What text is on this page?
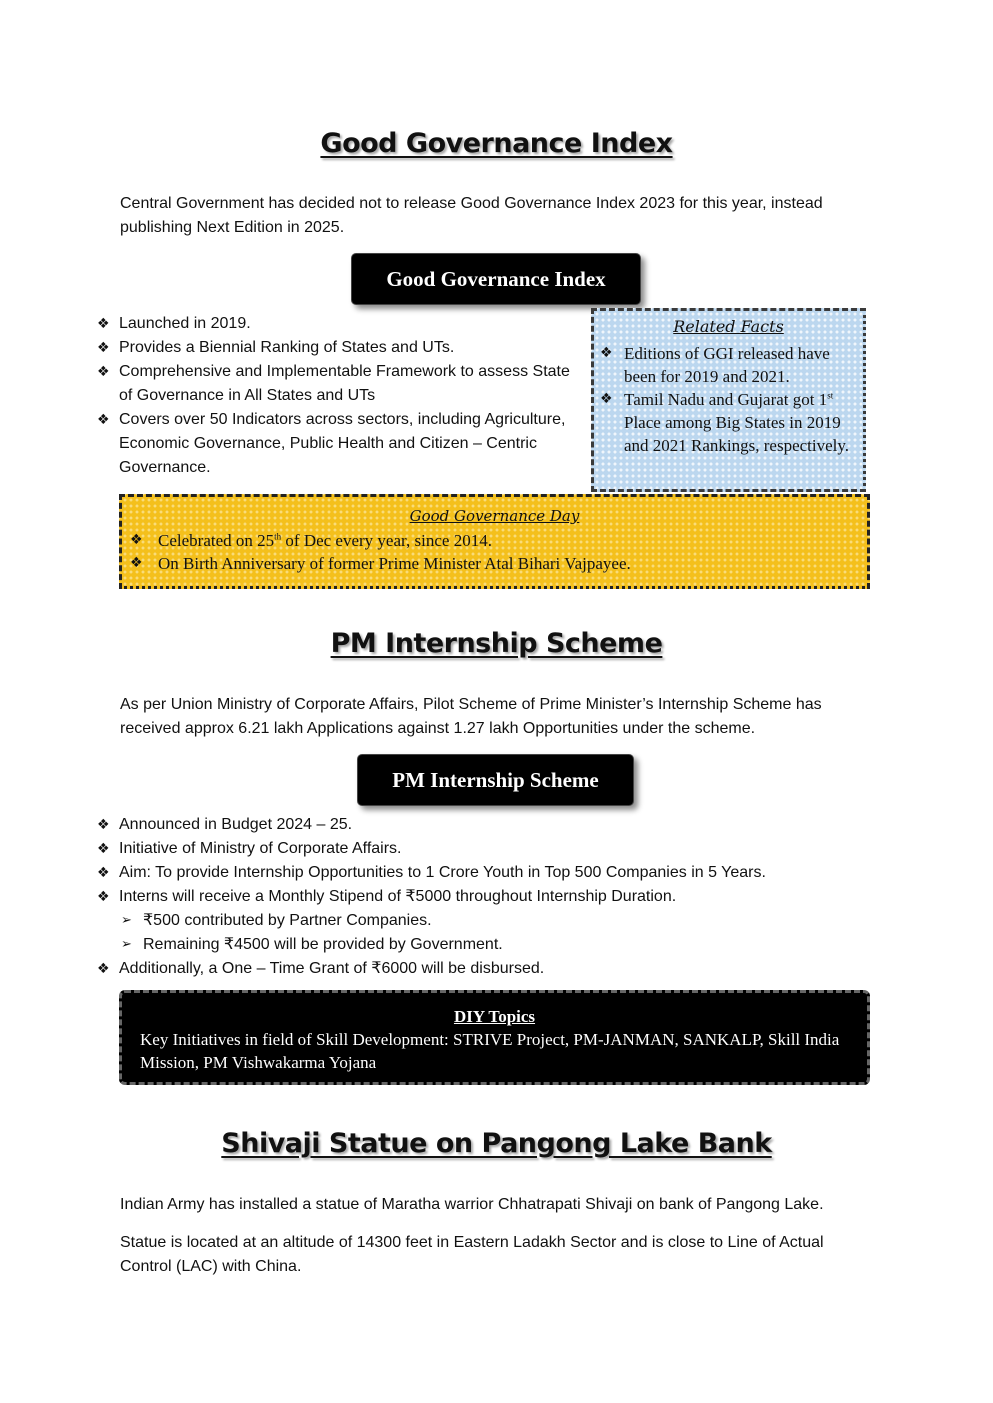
Good Governance Index
Central Government has decided not to release Good Governance Index 2023 for this year, instead publishing Next Edition in 2025.
Good Governance Index
❖ Launched in 2019.
❖ Provides a Biennial Ranking of States and UTs.
❖ Comprehensive and Implementable Framework to assess State of Governance in All States and UTs
❖ Covers over 50 Indicators across sectors, including Agriculture, Economic Governance, Public Health and Citizen – Centric Governance.
Related Facts
❖ Editions of GGI released have been for 2019 and 2021.
❖ Tamil Nadu and Gujarat got 1st Place among Big States in 2019 and 2021 Rankings, respectively.
Good Governance Day
❖ Celebrated on 25th of Dec every year, since 2014.
❖ On Birth Anniversary of former Prime Minister Atal Bihari Vajpayee.
PM Internship Scheme
As per Union Ministry of Corporate Affairs, Pilot Scheme of Prime Minister’s Internship Scheme has received approx 6.21 lakh Applications against 1.27 lakh Opportunities under the scheme.
PM Internship Scheme
❖ Announced in Budget 2024 – 25.
❖ Initiative of Ministry of Corporate Affairs.
❖ Aim: To provide Internship Opportunities to 1 Crore Youth in Top 500 Companies in 5 Years.
❖ Interns will receive a Monthly Stipend of ₹5000 throughout Internship Duration.
➢ ₹500 contributed by Partner Companies.
➢ Remaining ₹4500 will be provided by Government.
❖ Additionally, a One – Time Grant of ₹6000 will be disbursed.
DIY Topics
Key Initiatives in field of Skill Development: STRIVE Project, PM-JANMAN, SANKALP, Skill India Mission, PM Vishwakarma Yojana
Shivaji Statue on Pangong Lake Bank
Indian Army has installed a statue of Maratha warrior Chhatrapati Shivaji on bank of Pangong Lake.
Statue is located at an altitude of 14300 feet in Eastern Ladakh Sector and is close to Line of Actual Control (LAC) with China.
